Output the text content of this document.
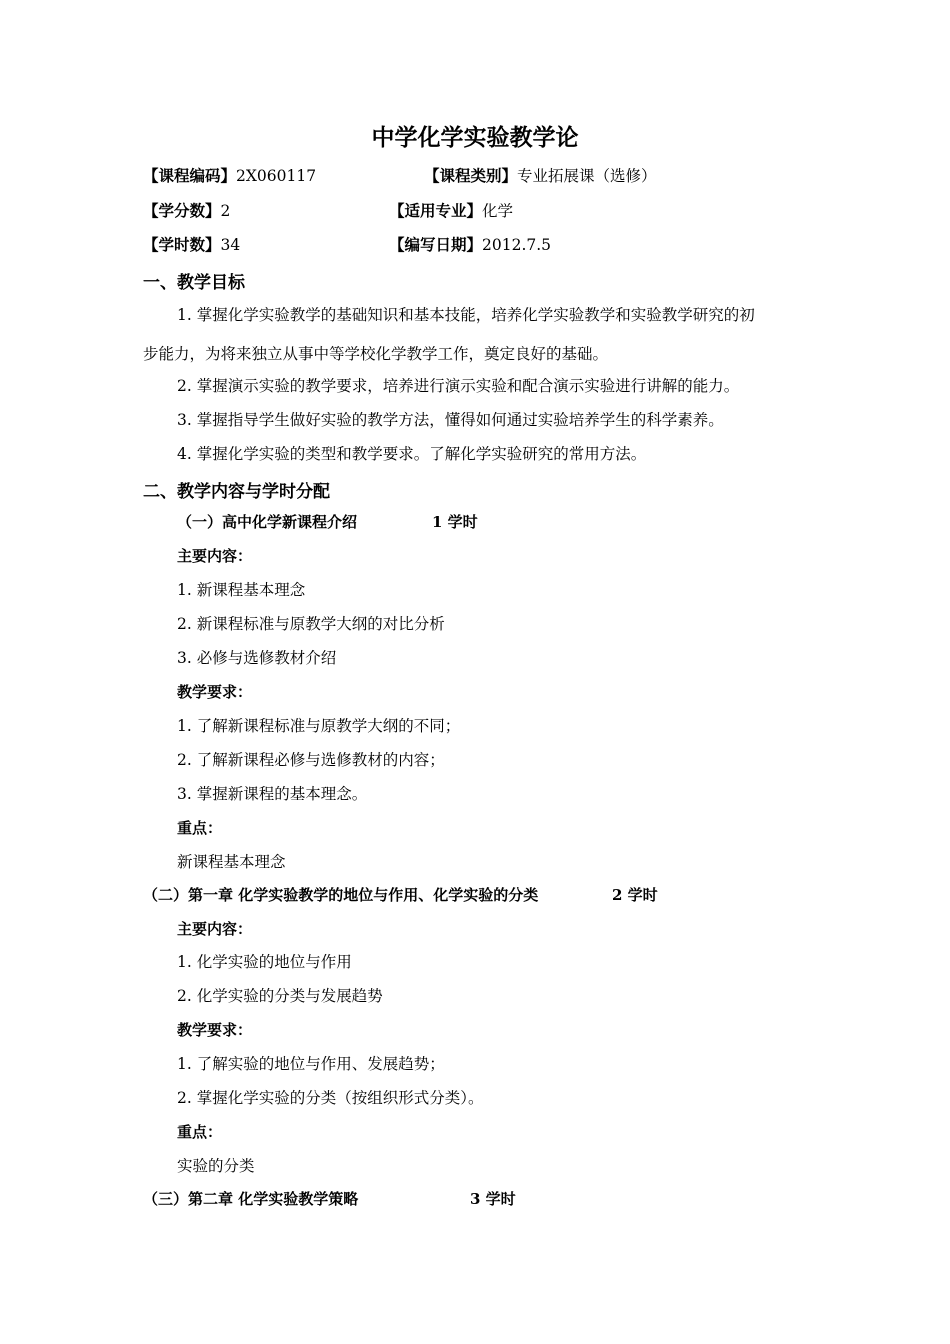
中学化学实验教学论
【课程编码】2X060117	【课程类别】专业拓展课（选修）
【学分数】2	【适用专业】化学
【学时数】34	【编写日期】2012.7.5
一、教学目标
1. 掌握化学实验教学的基础知识和基本技能，培养化学实验教学和实验教学研究的初
步能力，为将来独立从事中等学校化学教学工作，奠定良好的基础。
2. 掌握演示实验的教学要求，培养进行演示实验和配合演示实验进行讲解的能力。
3. 掌握指导学生做好实验的教学方法，懂得如何通过实验培养学生的科学素养。
4. 掌握化学实验的类型和教学要求。了解化学实验研究的常用方法。
二、教学内容与学时分配
（一）高中化学新课程介绍	1 学时
主要内容：
1. 新课程基本理念
2. 新课程标准与原教学大纲的对比分析
3. 必修与选修教材介绍
教学要求：
1. 了解新课程标准与原教学大纲的不同；
2. 了解新课程必修与选修教材的内容；
3. 掌握新课程的基本理念。
重点：
新课程基本理念
（二）第一章 化学实验教学的地位与作用、化学实验的分类	2 学时
主要内容：
1. 化学实验的地位与作用
2. 化学实验的分类与发展趋势
教学要求：
1. 了解实验的地位与作用、发展趋势；
2. 掌握化学实验的分类（按组织形式分类）。
重点：
实验的分类
（三）第二章 化学实验教学策略	3 学时
